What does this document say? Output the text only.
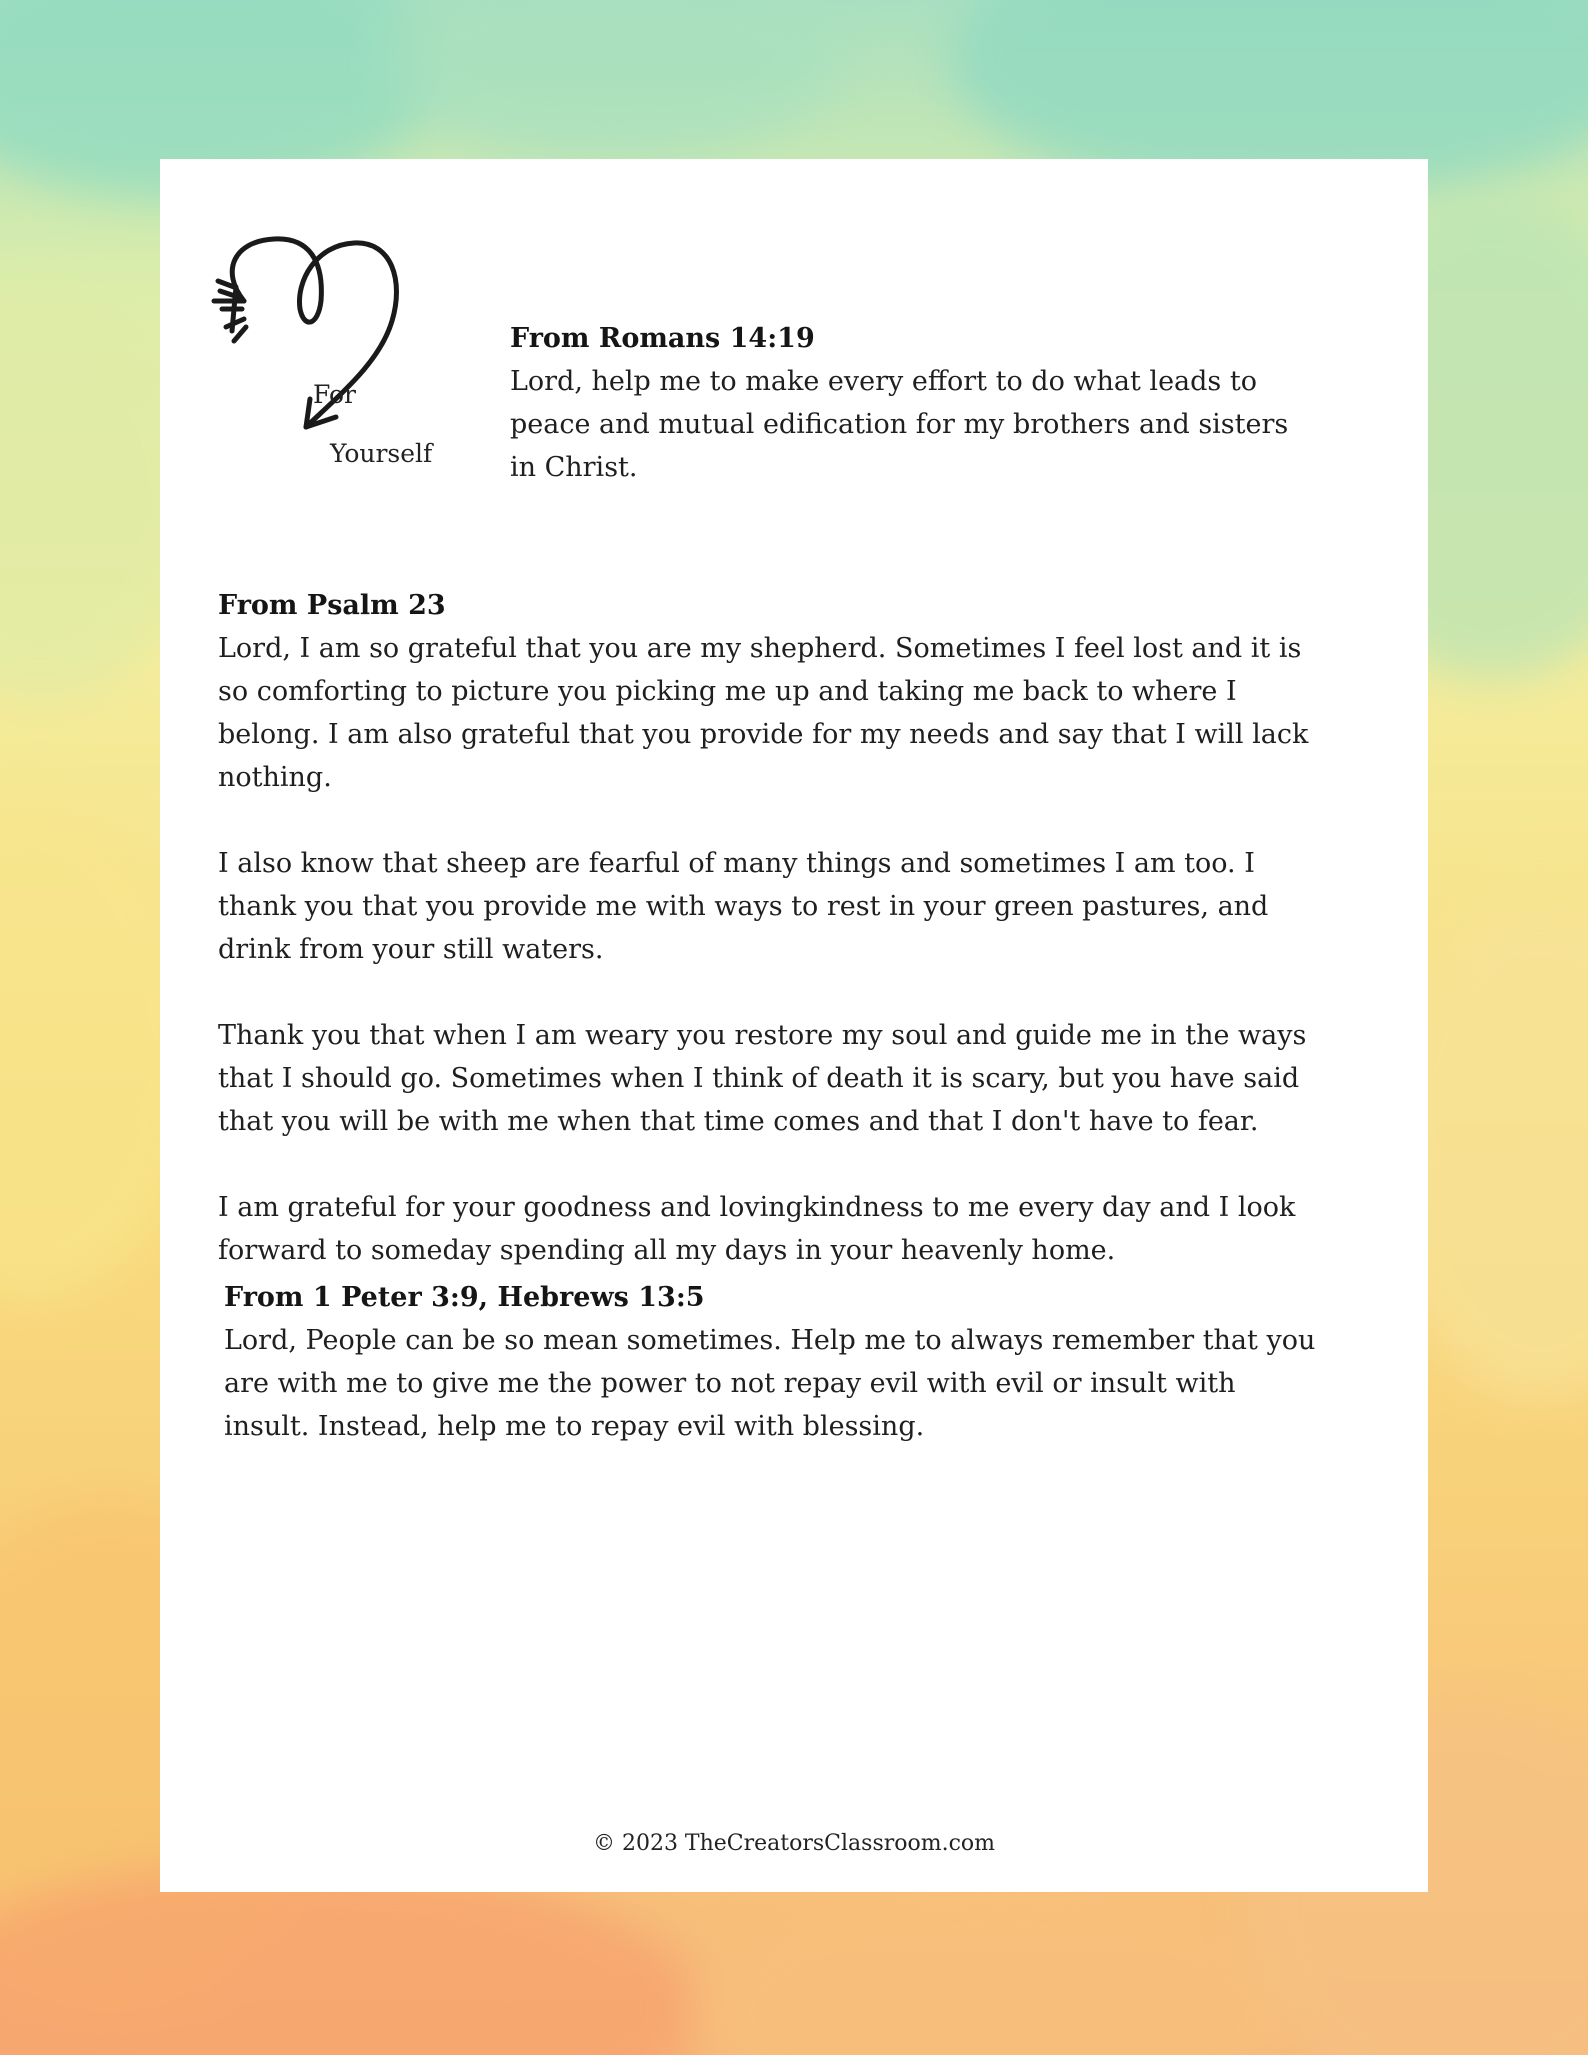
For
Yourself
From Romans 14:19

Lord, help me to make every effort to do what leads to peace and mutual edification for my brothers and sisters in Christ.

From Psalm 23

Lord, I am so grateful that you are my shepherd. Sometimes I feel lost and it is so comforting to picture you picking me up and taking me back to where I belong. I am also grateful that you provide for my needs and say that I will lack nothing.

I also know that sheep are fearful of many things and sometimes I am too. I thank you that you provide me with ways to rest in your green pastures, and drink from your still waters.

Thank you that when I am weary you restore my soul and guide me in the ways that I should go. Sometimes when I think of death it is scary, but you have said that you will be with me when that time comes and that I don't have to fear.

I am grateful for your goodness and lovingkindness to me every day and I look forward to someday spending all my days in your heavenly home.

From 1 Peter 3:9, Hebrews 13:5

Lord, People can be so mean sometimes. Help me to always remember that you are with me to give me the power to not repay evil with evil or insult with insult. Instead, help me to repay evil with blessing.

© 2023 TheCreatorsClassroom.com
